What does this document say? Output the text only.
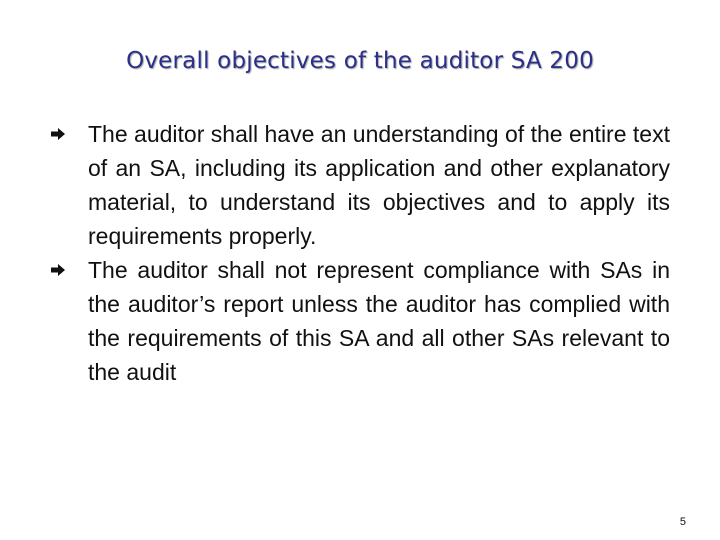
Overall objectives of the auditor SA 200
The auditor shall have an understanding of the entire text of an SA, including its application and other explanatory material, to understand its objectives and to apply its requirements properly.
The auditor shall not represent compliance with SAs in the auditor’s report unless the auditor has complied with the requirements of this SA and all other SAs relevant to the audit
5
